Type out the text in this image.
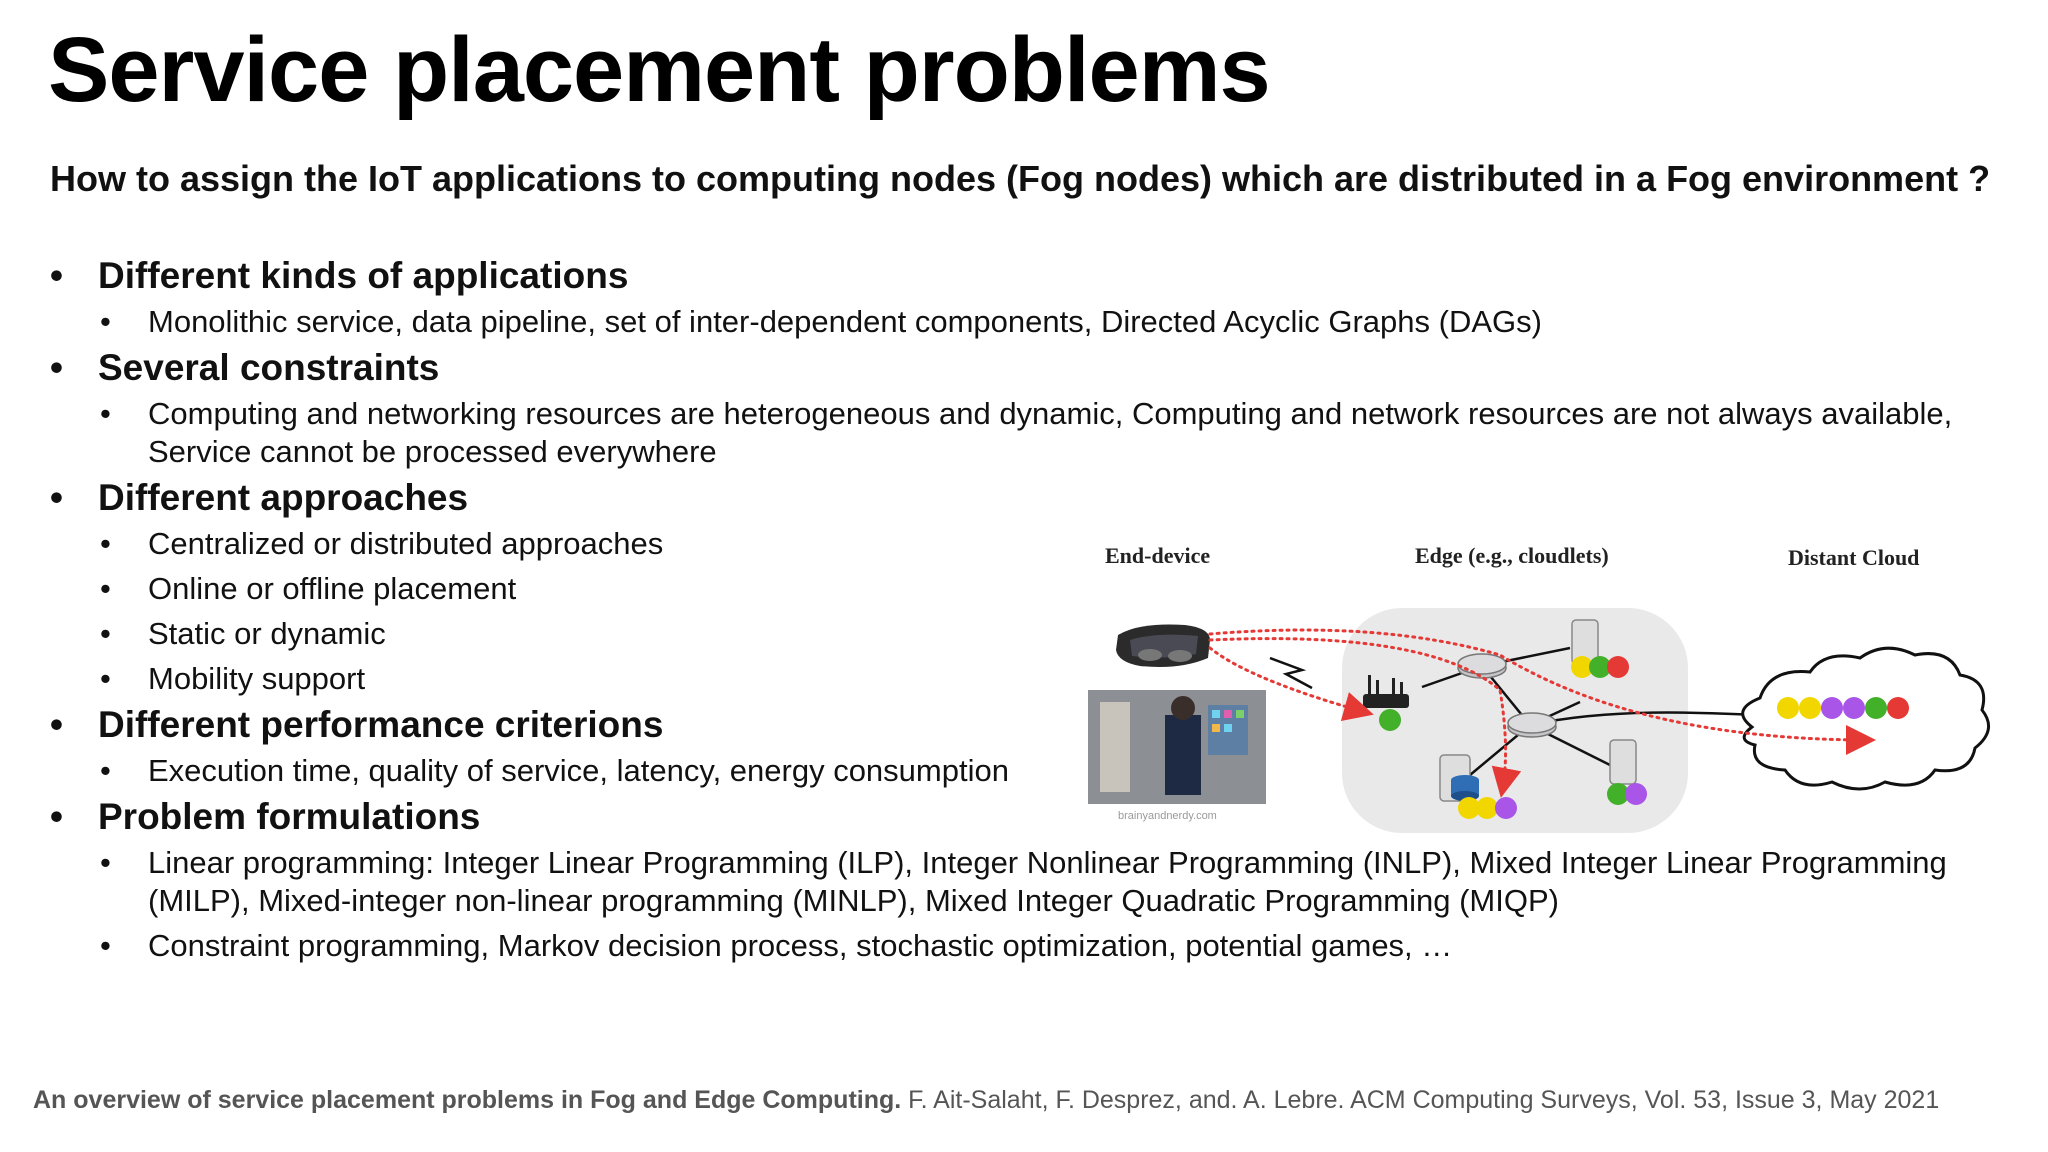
Service placement problems
How to assign the IoT applications to computing nodes (Fog nodes) which are distributed in a Fog environment ?
• Different kinds of applications
• Monolithic service, data pipeline, set of inter-dependent components, Directed Acyclic Graphs (DAGs)
• Several constraints
• Computing and networking resources are heterogeneous and dynamic, Computing and network resources are not always available,
Service cannot be processed everywhere
• Different approaches
• Centralized or distributed approaches
• Online or offline placement
• Static or dynamic
• Mobility support
• Different performance criterions
• Execution time, quality of service, latency, energy consumption
• Problem formulations
• Linear programming: Integer Linear Programming (ILP), Integer Nonlinear Programming (INLP), Mixed Integer Linear Programming
(MILP), Mixed-integer non-linear programming (MINLP), Mixed Integer Quadratic Programming (MIQP)
• Constraint programming, Markov decision process, stochastic optimization, potential games, …
End-device	Edge (e.g., cloudlets)	Distant Cloud
brainyandnerdy.com
An overview of service placement problems in Fog and Edge Computing. F. Ait-Salaht, F. Desprez, and. A. Lebre. ACM Computing Surveys, Vol. 53, Issue 3, May 2021
